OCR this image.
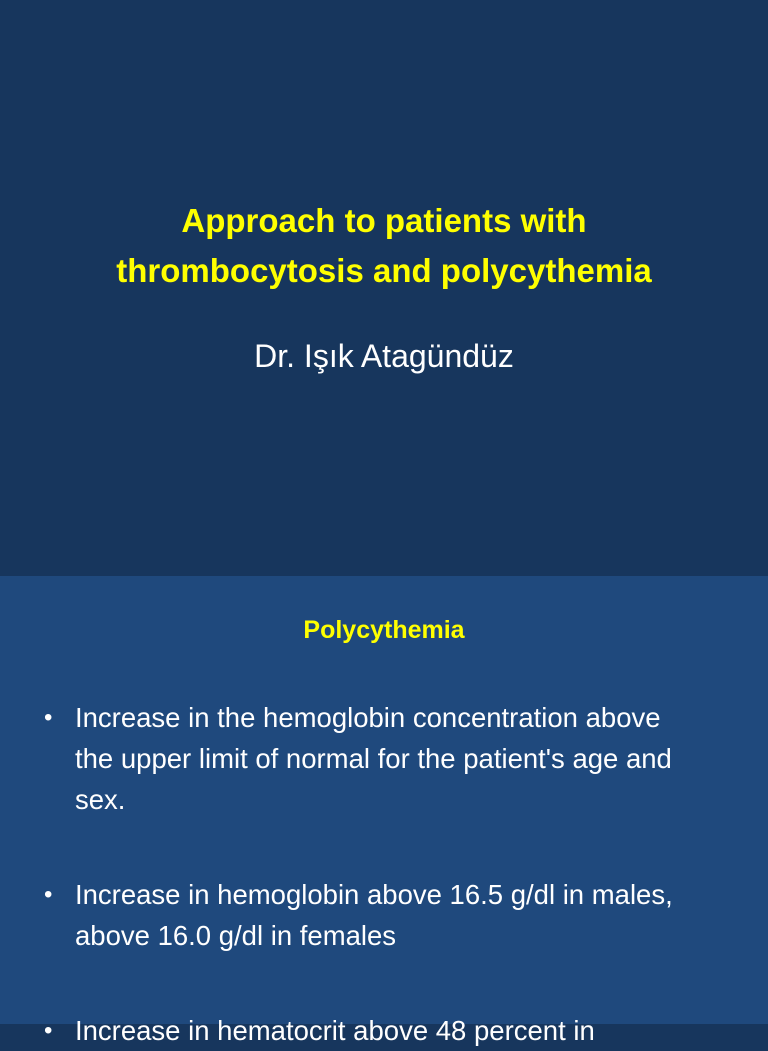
Approach to patients with
thrombocytosis and polycythemia

Dr. Işık Atagündüz

Polycythemia
• Increase in the hemoglobin concentration above the upper limit of normal for the patient's age and sex.
• Increase in hemoglobin above 16.5 g/dl in males, above 16.0 g/dl in females
• Increase in hematocrit above 48 percent in
